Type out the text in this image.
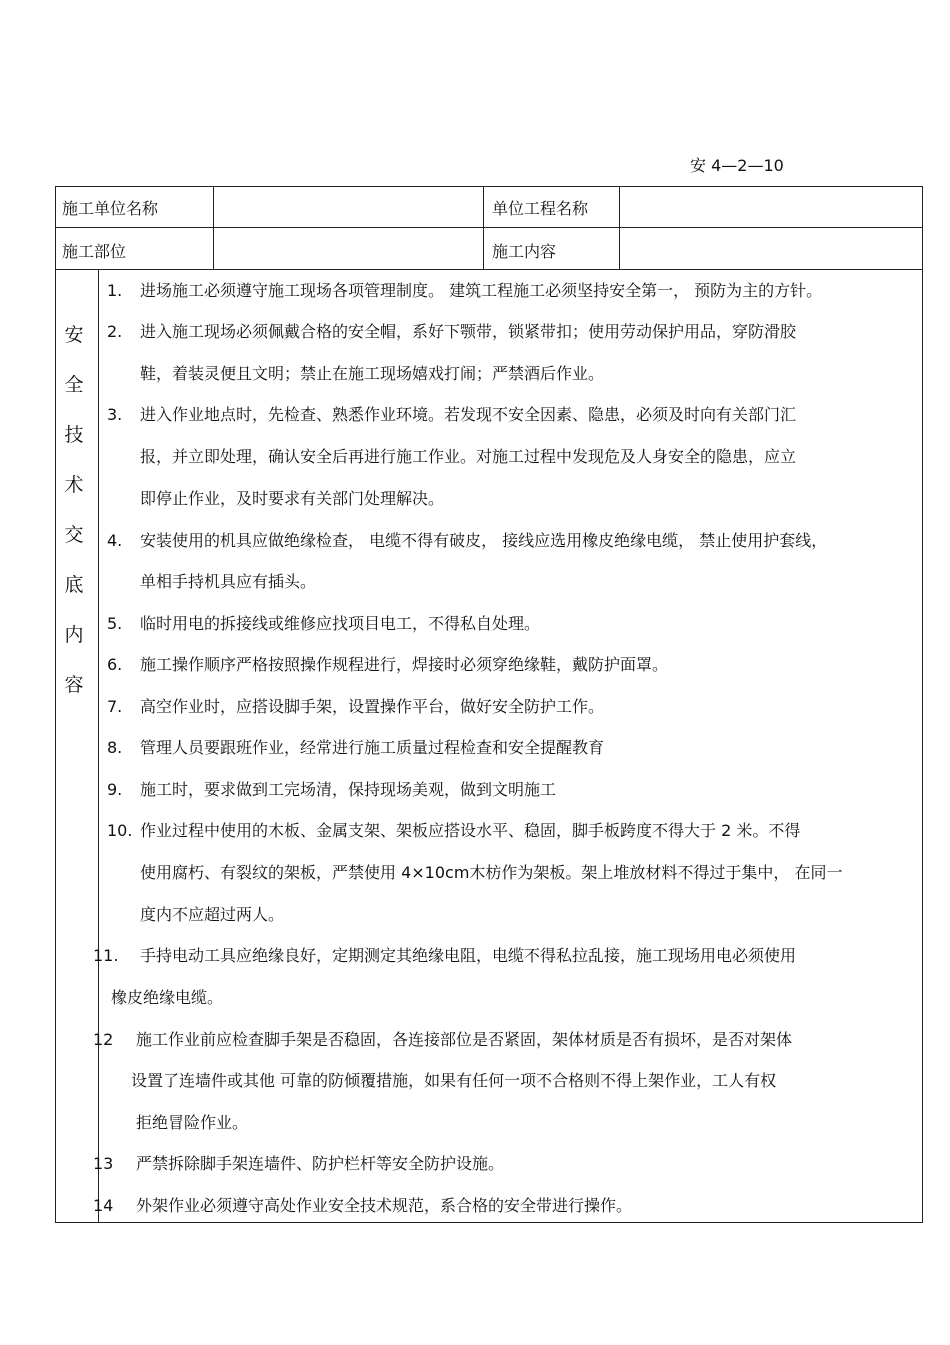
安 4—2—10
施工单位名称	单位工程名称
施工部位	施工内容
安
全
技
术
交
底
内
容
1. 进场施工必须遵守施工现场各项管理制度。 建筑工程施工必须坚持安全第一， 预防为主的方针。
2. 进入施工现场必须佩戴合格的安全帽，系好下颚带，锁紧带扣；使用劳动保护用品，穿防滑胶
鞋，着装灵便且文明；禁止在施工现场嬉戏打闹；严禁酒后作业。
3. 进入作业地点时，先检查、熟悉作业环境。若发现不安全因素、隐患，必须及时向有关部门汇
报，并立即处理，确认安全后再进行施工作业。对施工过程中发现危及人身安全的隐患，应立
即停止作业，及时要求有关部门处理解决。
4. 安装使用的机具应做绝缘检查， 电缆不得有破皮， 接线应选用橡皮绝缘电缆， 禁止使用护套线，
单相手持机具应有插头。
5. 临时用电的拆接线或维修应找项目电工，不得私自处理。
6. 施工操作顺序严格按照操作规程进行，焊接时必须穿绝缘鞋，戴防护面罩。
7. 高空作业时，应搭设脚手架，设置操作平台，做好安全防护工作。
8. 管理人员要跟班作业，经常进行施工质量过程检查和安全提醒教育
9. 施工时，要求做到工完场清，保持现场美观，做到文明施工
10. 作业过程中使用的木板、金属支架、架板应搭设水平、稳固，脚手板跨度不得大于 2 米。不得
使用腐朽、有裂纹的架板，严禁使用 4×10cm木枋作为架板。架上堆放材料不得过于集中， 在同一
度内不应超过两人。
11. 手持电动工具应绝缘良好，定期测定其绝缘电阻，电缆不得私拉乱接，施工现场用电必须使用
橡皮绝缘电缆。
12 施工作业前应检查脚手架是否稳固，各连接部位是否紧固，架体材质是否有损坏，是否对架体
设置了连墙件或其他 可靠的防倾覆措施，如果有任何一项不合格则不得上架作业，工人有权
拒绝冒险作业。
13 严禁拆除脚手架连墙件、防护栏杆等安全防护设施。
14 外架作业必须遵守高处作业安全技术规范，系合格的安全带进行操作。
